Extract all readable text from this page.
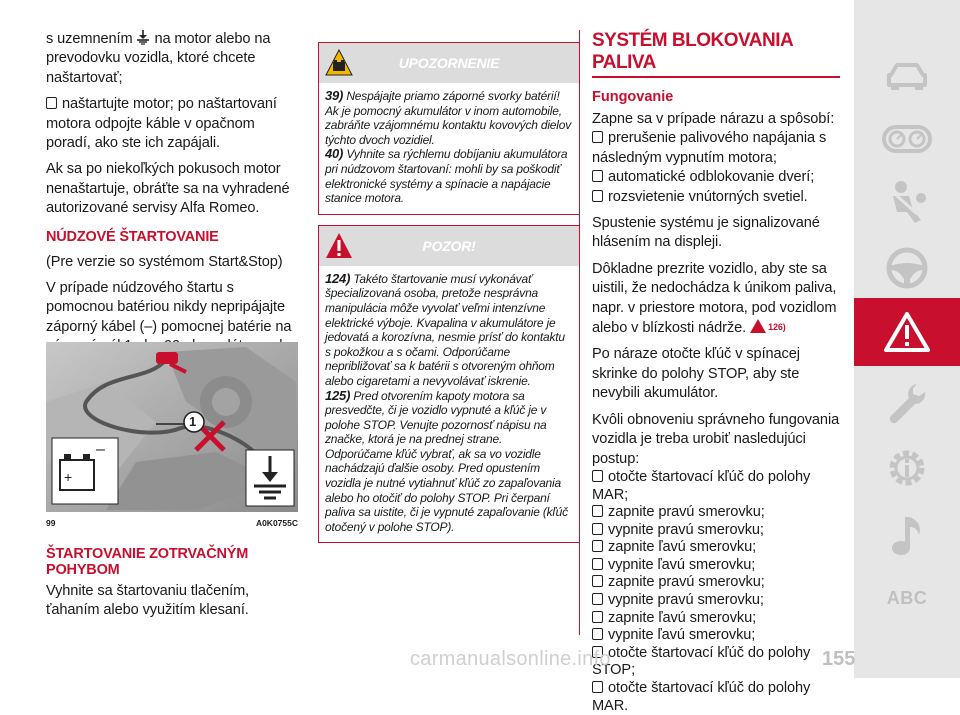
s uzemnením na motor alebo na prevodovku vozidla, ktoré chcete naštartovať;

naštartujte motor; po naštartovaní motora odpojte káble v opačnom poradí, ako ste ich zapájali.

Ak sa po niekoľkých pokusoch motor nenaštartuje, obráťte sa na vyhradené autorizované servisy Alfa Romeo.

NÚDZOVÉ ŠTARTOVANIE

(Pre verzie so systémom Start&Stop)

V prípade núdzového štartu s pomocnou batériou nikdy nepripájajte záporný kábel (–) pomocnej batérie na

+
–
1
99	A0K0755C
ŠTARTOVANIE ZOTRVAČNÝM POHYBOM

Vyhnite sa štartovaniu tlačením, ťahaním alebo využitím klesaní.

UPOZORNENIE

39) Nespájajte priamo záporné svorky batérií! Ak je pomocný akumulátor v inom automobile, zabráňte vzájomnému kontaktu kovových dielov týchto dvoch vozidiel.

40) Vyhnite sa rýchlemu dobíjaniu akumulátora pri núdzovom štartovaní: mohli by sa poškodiť elektronické systémy a spínacie a napájacie stanice motora.

POZOR!

124) Takéto štartovanie musí vykonávať špecializovaná osoba, pretože nesprávna manipulácia môže vyvolať veľmi intenzívne elektrické výboje. Kvapalina v akumulátore je jedovatá a korozívna, nesmie prísť do kontaktu s pokožkou a s očami. Odporúčame nepribližovať sa k batérii s otvoreným ohňom alebo cigaretami a nevyvolávať iskrenie.

125) Pred otvorením kapoty motora sa presvedčte, či je vozidlo vypnuté a kľúč je v polohe STOP. Venujte pozornosť nápisu na značke, ktorá je na prednej strane. Odporúčame kľúč vybrať, ak sa vo vozidle nachádzajú ďalšie osoby. Pred opustením vozidla je nutné vytiahnuť kľúč zo zapaľovania alebo ho otočiť do polohy STOP. Pri čerpaní paliva sa uistite, či je vypnuté zapaľovanie (kľúč otočený v polohe STOP).

SYSTÉM BLOKOVANIA PALIVA
Fungovanie

Zapne sa v prípade nárazu a spôsobí:

prerušenie palivového napájania s následným vypnutím motora;

automatické odblokovanie dverí;

rozsvietenie vnútorných svetiel.

Spustenie systému je signalizované hlásením na displeji.

Dôkladne prezrite vozidlo, aby ste sa uistili, že nedochádza k únikom paliva, napr. v priestore motora, pod vozidlom alebo v blízkosti nádrže. 126)

Po náraze otočte kľúč v spínacej skrinke do polohy STOP, aby ste nevybili akumulátor.

Kvôli obnoveniu správneho fungovania vozidla je treba urobiť nasledujúci postup:

otočte štartovací kľúč do polohy MAR;

zapnite pravú smerovku;

vypnite pravú smerovku;

zapnite ľavú smerovku;

vypnite ľavú smerovku;

zapnite pravú smerovku;

vypnite pravú smerovku;

zapnite ľavú smerovku;

vypnite ľavú smerovku;

otočte štartovací kľúč do polohy STOP;

otočte štartovací kľúč do polohy MAR.

ABC
carmanualsonline.info	155
